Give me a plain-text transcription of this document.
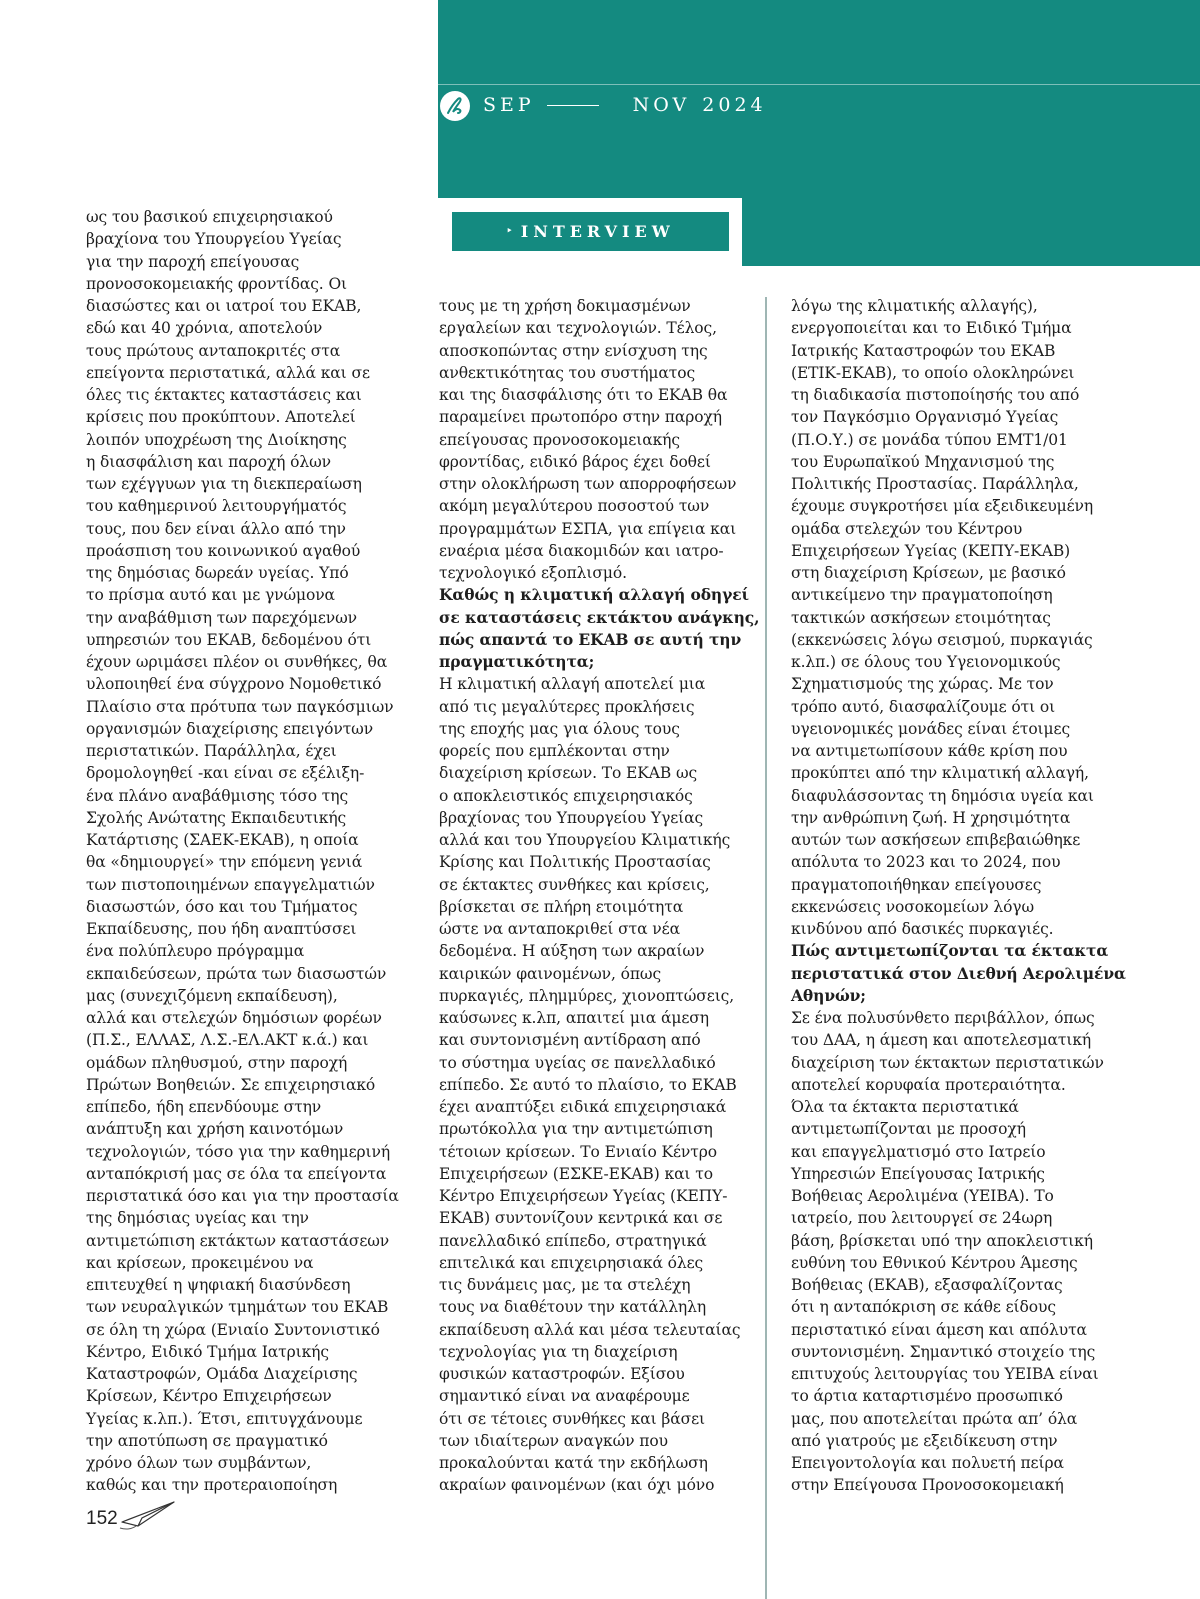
SEP	NOV 2024
‣ INTERVIEW

ως του βασικού επιχειρησιακού

βραχίονα του Υπουργείου Υγείας

για την παροχή επείγουσας

προνοσοκομειακής φροντίδας. Οι

διασώστες και οι ιατροί του ΕΚΑΒ,

εδώ και 40 χρόνια, αποτελούν

τους πρώτους ανταποκριτές στα

επείγοντα περιστατικά, αλλά και σε

όλες τις έκτακτες καταστάσεις και

κρίσεις που προκύπτουν. Αποτελεί

λοιπόν υποχρέωση της Διοίκησης

η διασφάλιση και παροχή όλων

των εχέγγυων για τη διεκπεραίωση

του καθημερινού λειτουργήματός

τους, που δεν είναι άλλο από την

προάσπιση του κοινωνικού αγαθού

της δημόσιας δωρεάν υγείας. Υπό

το πρίσμα αυτό και με γνώμονα

την αναβάθμιση των παρεχόμενων

υπηρεσιών του ΕΚΑΒ, δεδομένου ότι

έχουν ωριμάσει πλέον οι συνθήκες, θα

υλοποιηθεί ένα σύγχρονο Νομοθετικό

Πλαίσιο στα πρότυπα των παγκόσμιων

οργανισμών διαχείρισης επειγόντων

περιστατικών. Παράλληλα, έχει

δρομολογηθεί -και είναι σε εξέλιξη-

ένα πλάνο αναβάθμισης τόσο της

Σχολής Ανώτατης Εκπαιδευτικής

Κατάρτισης (ΣΑΕΚ-ΕΚΑΒ), η οποία

θα «δημιουργεί» την επόμενη γενιά

των πιστοποιημένων επαγγελματιών

διασωστών, όσο και του Τμήματος

Εκπαίδευσης, που ήδη αναπτύσσει

ένα πολύπλευρο πρόγραμμα

εκπαιδεύσεων, πρώτα των διασωστών

μας (συνεχιζόμενη εκπαίδευση),

αλλά και στελεχών δημόσιων φορέων

(Π.Σ., ΕΛΛΑΣ, Λ.Σ.-ΕΛ.ΑΚΤ κ.ά.) και

ομάδων πληθυσμού, στην παροχή

Πρώτων Βοηθειών. Σε επιχειρησιακό

επίπεδο, ήδη επενδύουμε στην

ανάπτυξη και χρήση καινοτόμων

τεχνολογιών, τόσο για την καθημερινή

ανταπόκρισή μας σε όλα τα επείγοντα

περιστατικά όσο και για την προστασία

της δημόσιας υγείας και την

αντιμετώπιση εκτάκτων καταστάσεων

και κρίσεων, προκειμένου να

επιτευχθεί η ψηφιακή διασύνδεση

των νευραλγικών τμημάτων του ΕΚΑΒ

σε όλη τη χώρα (Ενιαίο Συντονιστικό

Κέντρο, Ειδικό Τμήμα Ιατρικής

Καταστροφών, Ομάδα Διαχείρισης

Κρίσεων, Κέντρο Επιχειρήσεων

Υγείας κ.λπ.). Έτσι, επιτυγχάνουμε

την αποτύπωση σε πραγματικό

χρόνο όλων των συμβάντων,

καθώς και την προτεραιοποίηση

τους με τη χρήση δοκιμασμένων

εργαλείων και τεχνολογιών. Τέλος,

αποσκοπώντας στην ενίσχυση της

ανθεκτικότητας του συστήματος

και της διασφάλισης ότι το ΕΚΑΒ θα

παραμείνει πρωτοπόρο στην παροχή

επείγουσας προνοσοκομειακής

φροντίδας, ειδικό βάρος έχει δοθεί

στην ολοκλήρωση των απορροφήσεων

ακόμη μεγαλύτερου ποσοστού των

προγραμμάτων ΕΣΠΑ, για επίγεια και

εναέρια μέσα διακομιδών και ιατρο-

τεχνολογικό εξοπλισμό.

Καθώς η κλιματική αλλαγή οδηγεί

σε καταστάσεις εκτάκτου ανάγκης,

πώς απαντά το ΕΚΑΒ σε αυτή την

πραγματικότητα;

Η κλιματική αλλαγή αποτελεί μια

από τις μεγαλύτερες προκλήσεις

της εποχής μας για όλους τους

φορείς που εμπλέκονται στην

διαχείριση κρίσεων. Το ΕΚΑΒ ως

ο αποκλειστικός επιχειρησιακός

βραχίονας του Υπουργείου Υγείας

αλλά και του Υπουργείου Κλιματικής

Κρίσης και Πολιτικής Προστασίας

σε έκτακτες συνθήκες και κρίσεις,

βρίσκεται σε πλήρη ετοιμότητα

ώστε να ανταποκριθεί στα νέα

δεδομένα. Η αύξηση των ακραίων

καιρικών φαινομένων, όπως

πυρκαγιές, πλημμύρες, χιονοπτώσεις,

καύσωνες κ.λπ, απαιτεί μια άμεση

και συντονισμένη αντίδραση από

το σύστημα υγείας σε πανελλαδικό

επίπεδο. Σε αυτό το πλαίσιο, το ΕΚΑΒ

έχει αναπτύξει ειδικά επιχειρησιακά

πρωτόκολλα για την αντιμετώπιση

τέτοιων κρίσεων. Το Ενιαίο Κέντρο

Επιχειρήσεων (ΕΣΚΕ-ΕΚΑΒ) και το

Κέντρο Επιχειρήσεων Υγείας (ΚΕΠΥ-

ΕΚΑΒ) συντονίζουν κεντρικά και σε

πανελλαδικό επίπεδο, στρατηγικά

επιτελικά και επιχειρησιακά όλες

τις δυνάμεις μας, με τα στελέχη

τους να διαθέτουν την κατάλληλη

εκπαίδευση αλλά και μέσα τελευταίας

τεχνολογίας για τη διαχείριση

φυσικών καταστροφών. Εξίσου

σημαντικό είναι να αναφέρουμε

ότι σε τέτοιες συνθήκες και βάσει

των ιδιαίτερων αναγκών που

προκαλούνται κατά την εκδήλωση

ακραίων φαινομένων (και όχι μόνο

λόγω της κλιματικής αλλαγής),

ενεργοποιείται και το Ειδικό Τμήμα

Ιατρικής Καταστροφών του ΕΚΑΒ

(ΕΤΙΚ-ΕΚΑΒ), το οποίο ολοκληρώνει

τη διαδικασία πιστοποίησής του από

τον Παγκόσμιο Οργανισμό Υγείας

(Π.Ο.Υ.) σε μονάδα τύπου ΕΜΤ1/01

του Ευρωπαϊκού Μηχανισμού της

Πολιτικής Προστασίας. Παράλληλα,

έχουμε συγκροτήσει μία εξειδικευμένη

ομάδα στελεχών του Κέντρου

Επιχειρήσεων Υγείας (ΚΕΠΥ-ΕΚΑΒ)

στη διαχείριση Κρίσεων, με βασικό

αντικείμενο την πραγματοποίηση

τακτικών ασκήσεων ετοιμότητας

(εκκενώσεις λόγω σεισμού, πυρκαγιάς

κ.λπ.) σε όλους του Υγειονομικούς

Σχηματισμούς της χώρας. Με τον

τρόπο αυτό, διασφαλίζουμε ότι οι

υγειονομικές μονάδες είναι έτοιμες

να αντιμετωπίσουν κάθε κρίση που

προκύπτει από την κλιματική αλλαγή,

διαφυλάσσοντας τη δημόσια υγεία και

την ανθρώπινη ζωή. Η χρησιμότητα

αυτών των ασκήσεων επιβεβαιώθηκε

απόλυτα το 2023 και το 2024, που

πραγματοποιήθηκαν επείγουσες

εκκενώσεις νοσοκομείων λόγω

κινδύνου από δασικές πυρκαγιές.

Πώς αντιμετωπίζονται τα έκτακτα

περιστατικά στον Διεθνή Αερολιμένα

Αθηνών;

Σε ένα πολυσύνθετο περιβάλλον, όπως

του ΔΑΑ, η άμεση και αποτελεσματική

διαχείριση των έκτακτων περιστατικών

αποτελεί κορυφαία προτεραιότητα.

Όλα τα έκτακτα περιστατικά

αντιμετωπίζονται με προσοχή

και επαγγελματισμό στο Ιατρείο

Υπηρεσιών Επείγουσας Ιατρικής

Βοήθειας Αερολιμένα (ΥΕΙΒΑ). Το

ιατρείο, που λειτουργεί σε 24ωρη

βάση, βρίσκεται υπό την αποκλειστική

ευθύνη του Εθνικού Κέντρου Άμεσης

Βοήθειας (ΕΚΑΒ), εξασφαλίζοντας

ότι η ανταπόκριση σε κάθε είδους

περιστατικό είναι άμεση και απόλυτα

συντονισμένη. Σημαντικό στοιχείο της

επιτυχούς λειτουργίας του ΥΕΙΒΑ είναι

το άρτια καταρτισμένο προσωπικό

μας, που αποτελείται πρώτα απ’ όλα

από γιατρούς με εξειδίκευση στην

Επειγοντολογία και πολυετή πείρα

στην Επείγουσα Προνοσοκομειακή

152
